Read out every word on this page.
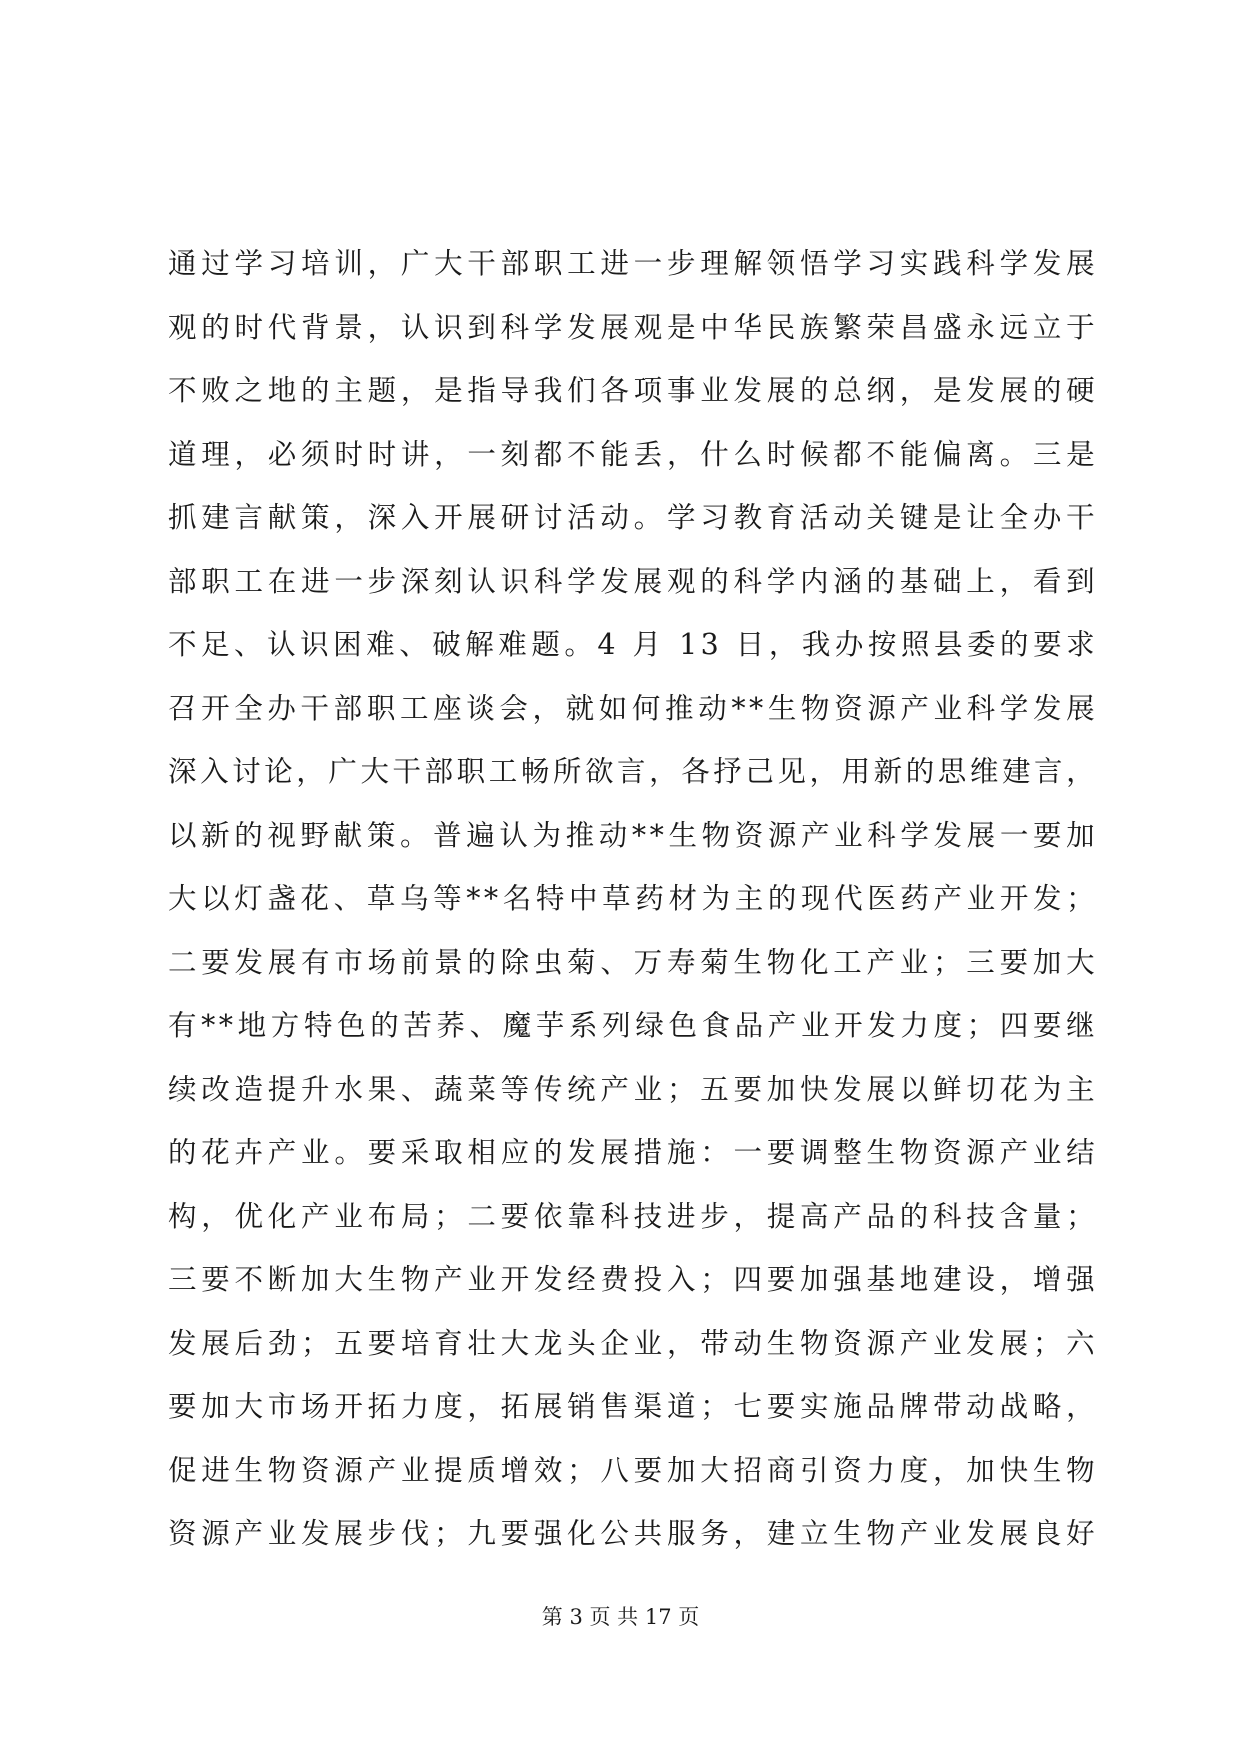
通过学习培训，广大干部职工进一步理解领悟学习实践科学发展
观的时代背景，认识到科学发展观是中华民族繁荣昌盛永远立于
不败之地的主题，是指导我们各项事业发展的总纲，是发展的硬
道理，必须时时讲，一刻都不能丢，什么时候都不能偏离。三是
抓建言献策，深入开展研讨活动。学习教育活动关键是让全办干
部职工在进一步深刻认识科学发展观的科学内涵的基础上，看到
不足、认识困难、破解难题。4 月 13 日，我办按照县委的要求
召开全办干部职工座谈会，就如何推动**生物资源产业科学发展
深入讨论，广大干部职工畅所欲言，各抒己见，用新的思维建言，
以新的视野献策。普遍认为推动**生物资源产业科学发展一要加
大以灯盏花、草乌等**名特中草药材为主的现代医药产业开发；
二要发展有市场前景的除虫菊、万寿菊生物化工产业；三要加大
有**地方特色的苦荞、魔芋系列绿色食品产业开发力度；四要继
续改造提升水果、蔬菜等传统产业；五要加快发展以鲜切花为主
的花卉产业。要采取相应的发展措施：一要调整生物资源产业结
构，优化产业布局；二要依靠科技进步，提高产品的科技含量；
三要不断加大生物产业开发经费投入；四要加强基地建设，增强
发展后劲；五要培育壮大龙头企业，带动生物资源产业发展；六
要加大市场开拓力度，拓展销售渠道；七要实施品牌带动战略，
促进生物资源产业提质增效；八要加大招商引资力度，加快生物
资源产业发展步伐；九要强化公共服务，建立生物产业发展良好
第 3 页 共 17 页
